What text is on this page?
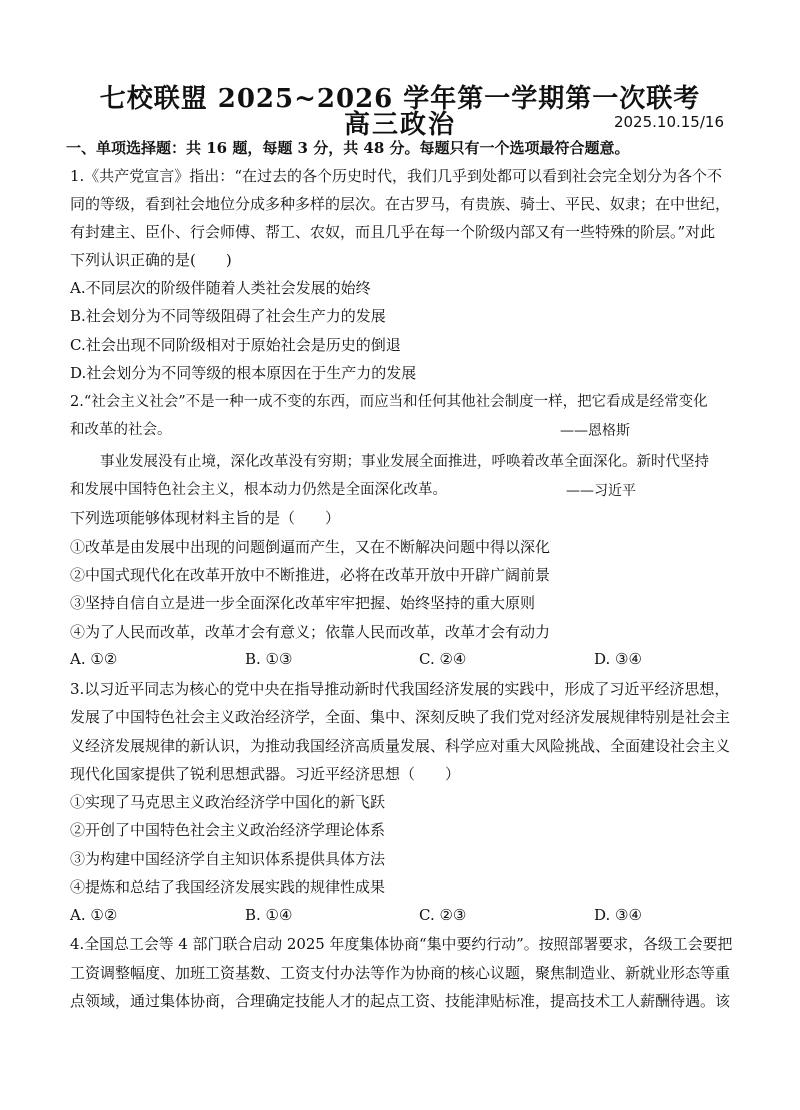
七校联盟 2025~2026 学年第一学期第一次联考
高三政治	2025.10.15/16
一、单项选择题：共 16 题，每题 3 分，共 48 分。每题只有一个选项最符合题意。
1.《共产党宣言》指出：“在过去的各个历史时代，我们几乎到处都可以看到社会完全划分为各个不
同的等级，看到社会地位分成多种多样的层次。在古罗马，有贵族、骑士、平民、奴隶；在中世纪，
有封建主、臣仆、行会师傅、帮工、农奴，而且几乎在每一个阶级内部又有一些特殊的阶层。”对此
下列认识正确的是(　　)
A.不同层次的阶级伴随着人类社会发展的始终
B.社会划分为不同等级阻碍了社会生产力的发展
C.社会出现不同阶级相对于原始社会是历史的倒退
D.社会划分为不同等级的根本原因在于生产力的发展
2.“社会主义社会”不是一种一成不变的东西，而应当和任何其他社会制度一样，把它看成是经常变化
和改革的社会。	——恩格斯
事业发展没有止境，深化改革没有穷期；事业发展全面推进，呼唤着改革全面深化。新时代坚持
和发展中国特色社会主义，根本动力仍然是全面深化改革。	——习近平
下列选项能够体现材料主旨的是（　　）
①改革是由发展中出现的问题倒逼而产生，又在不断解决问题中得以深化
②中国式现代化在改革开放中不断推进，必将在改革开放中开辟广阔前景
③坚持自信自立是进一步全面深化改革牢牢把握、始终坚持的重大原则
④为了人民而改革，改革才会有意义；依靠人民而改革，改革才会有动力
A. ①②	B. ①③	C. ②④	D. ③④
3.以习近平同志为核心的党中央在指导推动新时代我国经济发展的实践中，形成了习近平经济思想，
发展了中国特色社会主义政治经济学，全面、集中、深刻反映了我们党对经济发展规律特别是社会主
义经济发展规律的新认识，为推动我国经济高质量发展、科学应对重大风险挑战、全面建设社会主义
现代化国家提供了锐利思想武器。习近平经济思想（　　）
①实现了马克思主义政治经济学中国化的新飞跃
②开创了中国特色社会主义政治经济学理论体系
③为构建中国经济学自主知识体系提供具体方法
④提炼和总结了我国经济发展实践的规律性成果
A. ①②	B. ①④	C. ②③	D. ③④
4.全国总工会等 4 部门联合启动 2025 年度集体协商“集中要约行动”。按照部署要求，各级工会要把
工资调整幅度、加班工资基数、工资支付办法等作为协商的核心议题，聚焦制造业、新就业形态等重
点领域，通过集体协商，合理确定技能人才的起点工资、技能津贴标准，提高技术工人薪酬待遇。该
